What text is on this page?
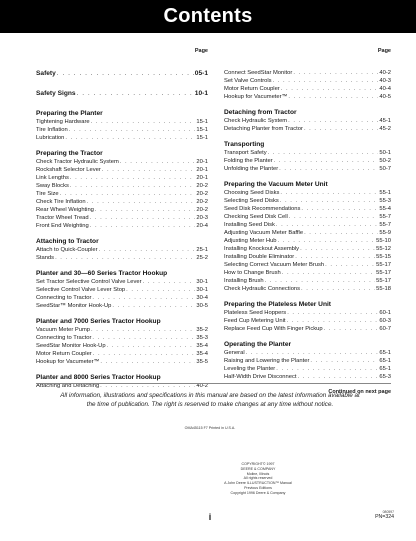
Contents
Page
Safety . . .	05-1
Safety Signs . . .	10-1
Preparing the Planter
Tightening Hardware . . .	15-1
Tire Inflation . . .	15-1
Lubrication . . .	15-1
Preparing the Tractor
Check Tractor Hydraulic System . . .	20-1
Rockshaft Selector Lever . . .	20-1
Link Lengths . . .	20-1
Sway Blocks . . .	20-2
Tire Size . . .	20-2
Check Tire Inflation . . .	20-2
Rear Wheel Weighting . . .	20-2
Tractor Wheel Tread . . .	20-3
Front End Weighting . . .	20-4
Attaching to Tractor
Attach to Quick-Coupler . . .	25-1
Stands . . .	25-2
Planter and 30—60 Series Tractor Hookup
Set Tractor Selective Control Valve Lever . . .	30-1
Selective Control Valve Lever Stop . . .	30-1
Connecting to Tractor . . .	30-4
SeedStar™ Monitor Hook-Up . . .	30-5
Planter and 7000 Series Tractor Hookup
Vacuum Meter Pump . . .	35-2
Connecting to Tractor . . .	35-3
SeedStar Monitor Hook-Up . . .	35-4
Motor Return Coupler . . .	35-4
Hookup for Vacumeter™ . . .	35-5
Planter and 8000 Series Tractor Hookup
Attaching and Detaching . . .	40-2
Page
Connect SeedStar Monitor . . .	40-2
Set Valve Controls . . .	40-3
Motor Return Coupler . . .	40-4
Hookup for Vacumeter™ . . .	40-5
Detaching from Tractor
Check Hydraulic System . . .	45-1
Detaching Planter from Tractor . . .	45-2
Transporting
Transport Safety . . .	50-1
Folding the Planter . . .	50-2
Unfolding the Planter . . .	50-7
Preparing the Vacuum Meter Unit
Choosing Seed Disks . . .	55-1
Selecting Seed Disks . . .	55-3
Seed Disk Recommendations . . .	55-4
Checking Seed Disk Cell . . .	55-7
Installing Seed Disk . . .	55-7
Adjusting Vacuum Meter Baffle . . .	55-9
Adjusting Meter Hub . . .	55-10
Installing Knockout Assembly . . .	55-12
Installing Double Eliminator . . .	55-15
Selecting Correct Vacuum Meter Brush . . .	55-17
How to Change Brush . . .	55-17
Installing Brush . . .	55-17
Check Hydraulic Connections . . .	55-18
Preparing the Plateless Meter Unit
Plateless Seed Hoppers . . .	60-1
Feed Cup Metering Unit . . .	60-3
Replace Feed Cup With Finger Pickup . . .	60-7
Operating the Planter
General . . .	65-1
Raising and Lowering the Planter . . .	65-1
Leveling the Planter . . .	65-1
Half-Width Drive Disconnect . . .	65-3
Continued on next page
All information, illustrations and specifications in this manual are based on the latest information available at the time of publication. The right is reserved to make changes at any time without notice.
OMA45115 F7 Printed in U.S.A.
COPYRIGHT© 1997
DEERE & COMPANY
Moline, Illinois
All rights reserved
A John Deere ILLUSTRUCTION™ Manual
Previous Editions
Copyright 1996 Deere & Company
i	080597
PN=324
